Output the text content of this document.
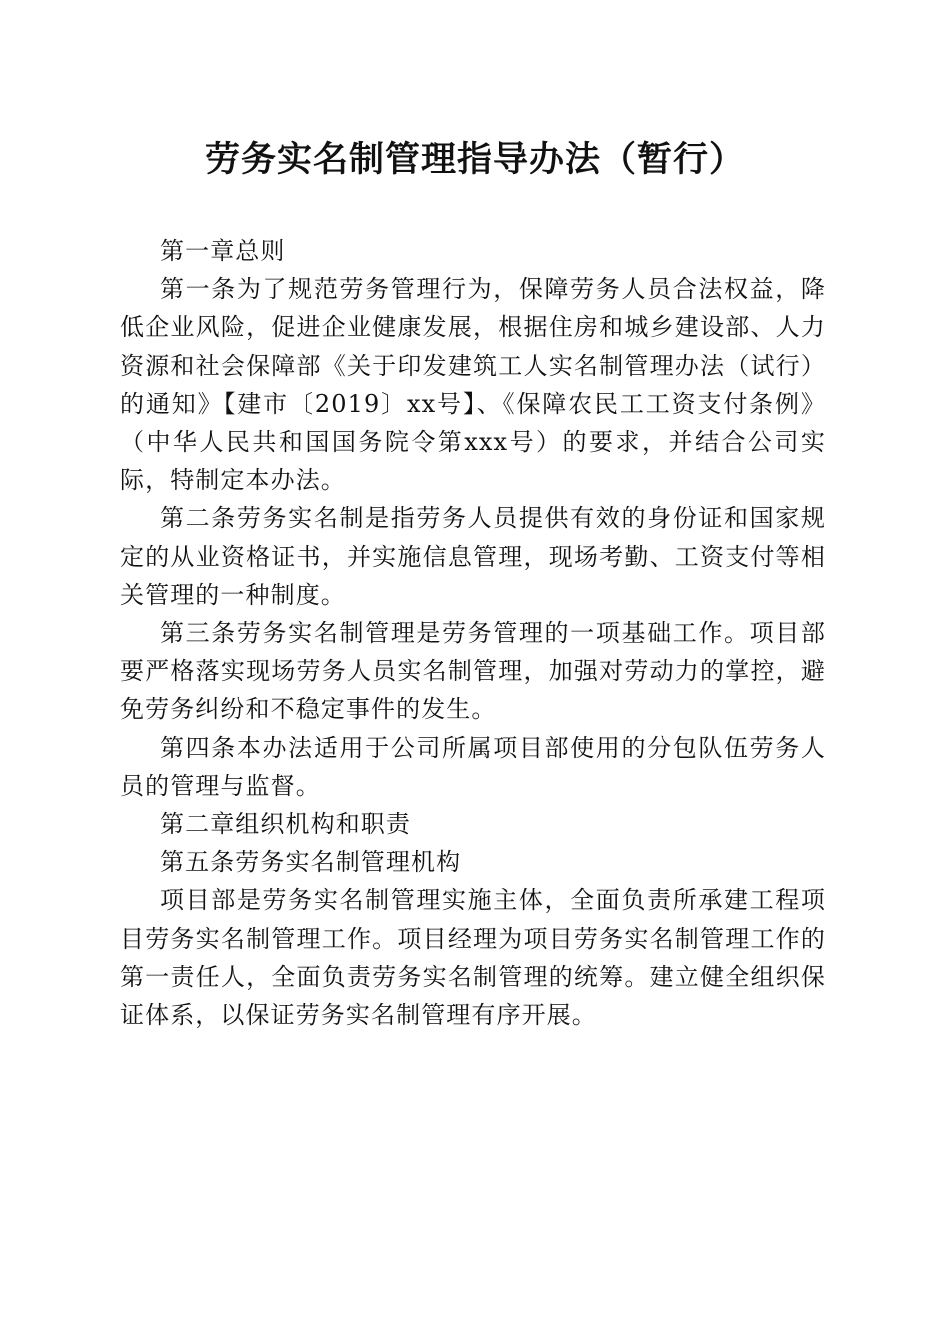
劳务实名制管理指导办法（暂行）

第一章总则

第一条为了规范劳务管理行为，保障劳务人员合法权益，降低企业风险，促进企业健康发展，根据住房和城乡建设部、人力资源和社会保障部《关于印发建筑工人实名制管理办法（试行）的通知》【建市〔2019〕xx号】、《保障农民工工资支付条例》（中华人民共和国国务院令第xxx号）的要求，并结合公司实际，特制定本办法。

第二条劳务实名制是指劳务人员提供有效的身份证和国家规定的从业资格证书，并实施信息管理，现场考勤、工资支付等相关管理的一种制度。

第三条劳务实名制管理是劳务管理的一项基础工作。项目部要严格落实现场劳务人员实名制管理，加强对劳动力的掌控，避免劳务纠纷和不稳定事件的发生。

第四条本办法适用于公司所属项目部使用的分包队伍劳务人员的管理与监督。

第二章组织机构和职责

第五条劳务实名制管理机构

项目部是劳务实名制管理实施主体，全面负责所承建工程项目劳务实名制管理工作。项目经理为项目劳务实名制管理工作的第一责任人，全面负责劳务实名制管理的统筹。建立健全组织保证体系，以保证劳务实名制管理有序开展。
